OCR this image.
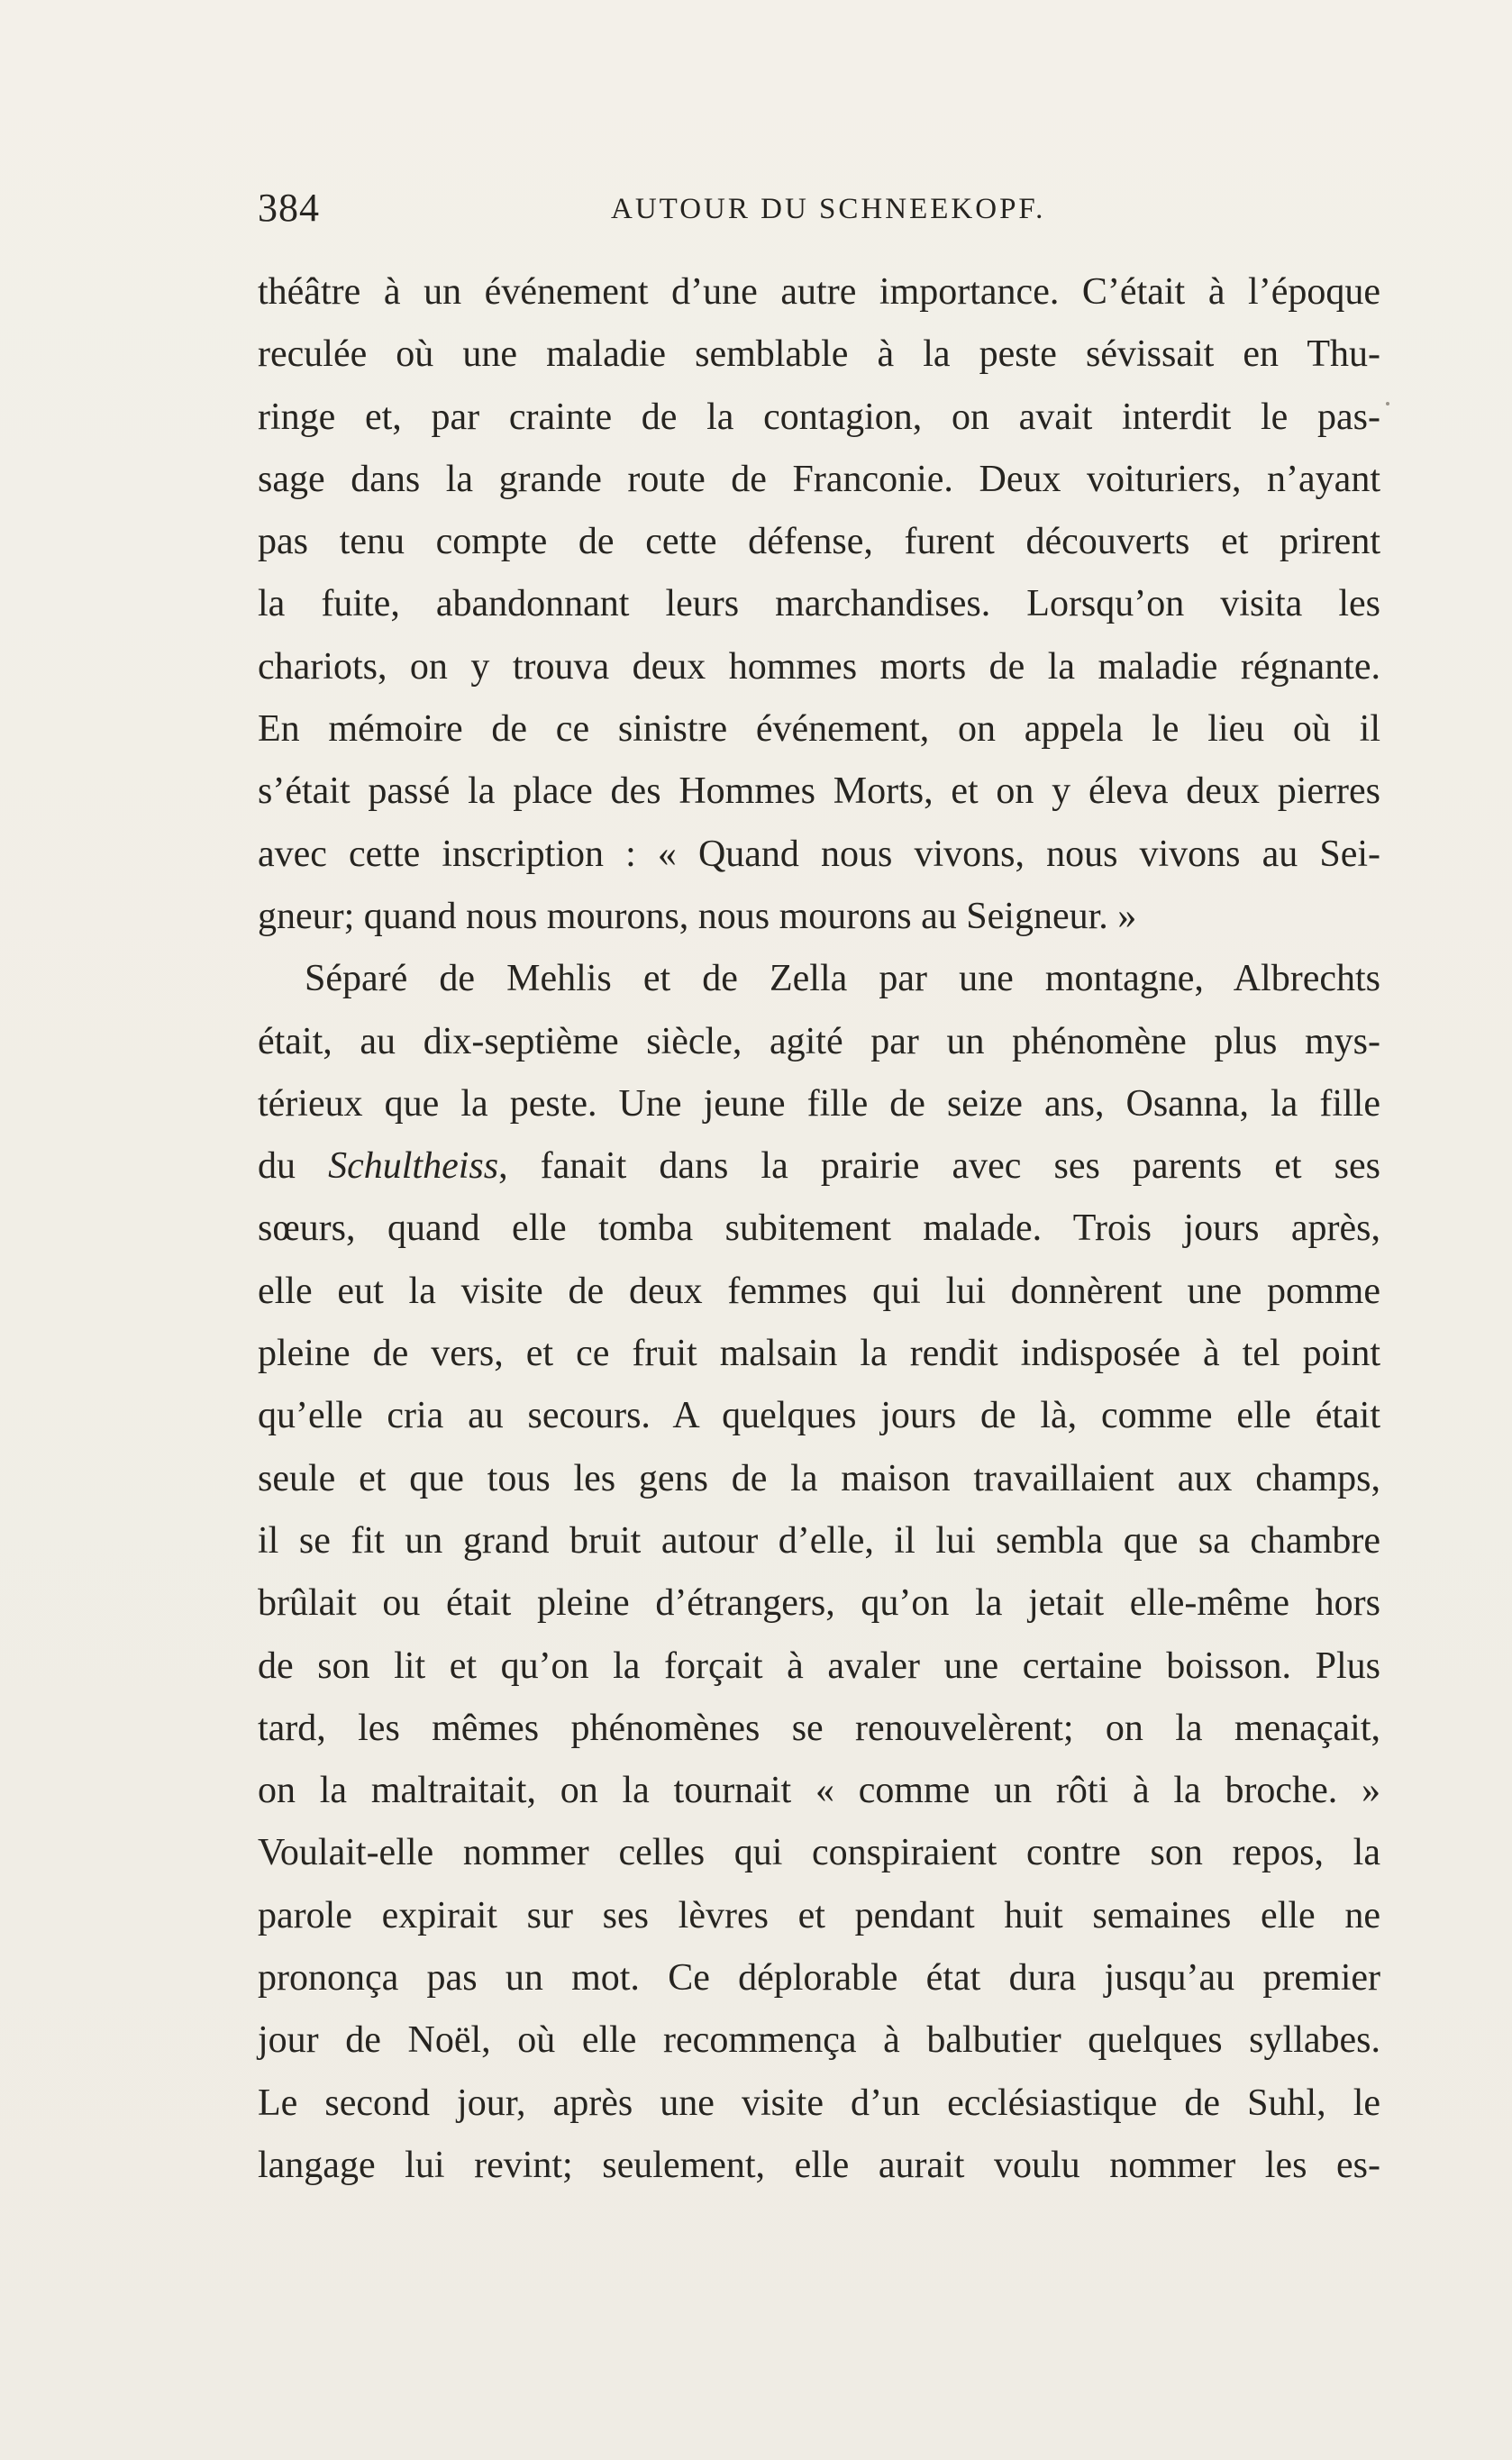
384	AUTOUR DU SCHNEEKOPF.
théâtre à un événement d’une autre importance. C’était à l’époque
reculée où une maladie semblable à la peste sévissait en Thu-
ringe et, par crainte de la contagion, on avait interdit le pas-
sage dans la grande route de Franconie. Deux voituriers, n’ayant
pas tenu compte de cette défense, furent découverts et prirent
la fuite, abandonnant leurs marchandises. Lorsqu’on visita les
chariots, on y trouva deux hommes morts de la maladie régnante.
En mémoire de ce sinistre événement, on appela le lieu où il
s’était passé la place des Hommes Morts, et on y éleva deux pierres
avec cette inscription : « Quand nous vivons, nous vivons au Sei-
gneur; quand nous mourons, nous mourons au Seigneur. »
Séparé de Mehlis et de Zella par une montagne, Albrechts
était, au dix-septième siècle, agité par un phénomène plus mys-
térieux que la peste. Une jeune fille de seize ans, Osanna, la fille
du Schultheiss, fanait dans la prairie avec ses parents et ses
sœurs, quand elle tomba subitement malade. Trois jours après,
elle eut la visite de deux femmes qui lui donnèrent une pomme
pleine de vers, et ce fruit malsain la rendit indisposée à tel point
qu’elle cria au secours. A quelques jours de là, comme elle était
seule et que tous les gens de la maison travaillaient aux champs,
il se fit un grand bruit autour d’elle, il lui sembla que sa chambre
brûlait ou était pleine d’étrangers, qu’on la jetait elle-même hors
de son lit et qu’on la forçait à avaler une certaine boisson. Plus
tard, les mêmes phénomènes se renouvelèrent; on la menaçait,
on la maltraitait, on la tournait « comme un rôti à la broche. »
Voulait-elle nommer celles qui conspiraient contre son repos, la
parole expirait sur ses lèvres et pendant huit semaines elle ne
prononça pas un mot. Ce déplorable état dura jusqu’au premier
jour de Noël, où elle recommença à balbutier quelques syllabes.
Le second jour, après une visite d’un ecclésiastique de Suhl, le
langage lui revint; seulement, elle aurait voulu nommer les es-
